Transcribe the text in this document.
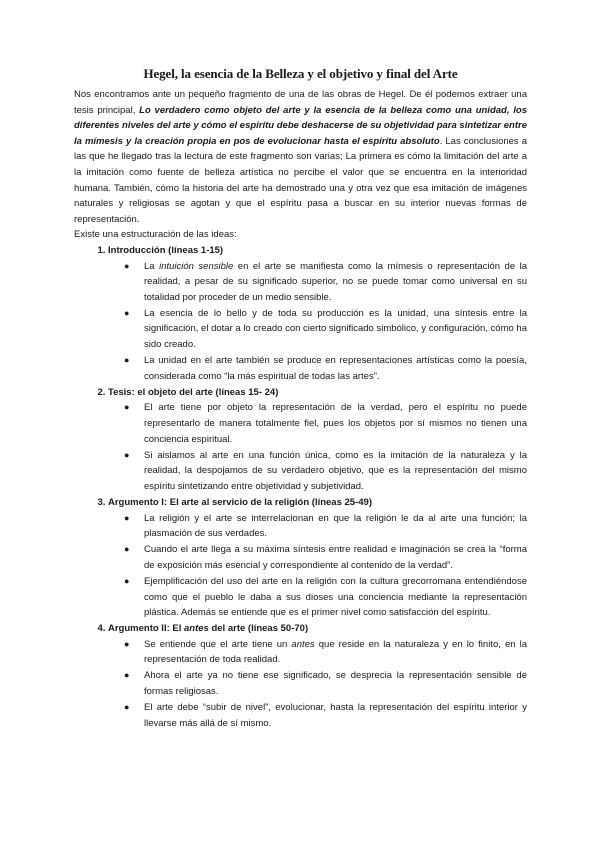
Hegel, la esencia de la Belleza y el objetivo y final del Arte

Nos encontramos ante un pequeño fragmento de una de las obras de Hegel. De él podemos extraer una tesis principal, Lo verdadero como objeto del arte y la esencia de la belleza como una unidad, los diferentes niveles del arte y cómo el espíritu debe deshacerse de su objetividad para sintetizar entre la mímesis y la creación propia en pos de evolucionar hasta el espíritu absoluto. Las conclusiones a las que he llegado tras la lectura de este fragmento son varias; La primera es cómo la limitación del arte a la imitación como fuente de belleza artística no percibe el valor que se encuentra en la interioridad humana. También, cómo la historia del arte ha demostrado una y otra vez que esa imitación de imágenes naturales y religiosas se agotan y que el espíritu pasa a buscar en su interior nuevas formas de representación.

Existe una estructuración de las ideas:

1. Introducción (líneas 1-15)
● La intuición sensible en el arte se manifiesta como la mímesis o representación de la realidad, a pesar de su significado superior, no se puede tomar como universal en su totalidad por proceder de un medio sensible.
● La esencia de lo bello y de toda su producción es la unidad, una síntesis entre la significación, el dotar a lo creado con cierto significado simbólico, y configuración, cómo ha sido creado.
● La unidad en el arte también se produce en representaciones artísticas como la poesía, considerada como “la más espiritual de todas las artes”.
2. Tesis: el objeto del arte (líneas 15- 24)
● El arte tiene por objeto la representación de la verdad, pero el espíritu no puede representarlo de manera totalmente fiel, pues los objetos por sí mismos no tienen una conciencia espiritual.
● Si aislamos al arte en una función única, como es la imitación de la naturaleza y la realidad, la despojamos de su verdadero objetivo, que es la representación del mismo espíritu sintetizando entre objetividad y subjetividad.
3. Argumento I: El arte al servicio de la religión (líneas 25-49)
● La religión y el arte se interrelacionan en que la religión le da al arte una función; la plasmación de sus verdades.
● Cuando el arte llega a su máxima síntesis entre realidad e imaginación se crea la “forma de exposición más esencial y correspondiente al contenido de la verdad”.
● Ejemplificación del uso del arte en la religión con la cultura grecorromana entendiéndose como que el pueblo le daba a sus dioses una conciencia mediante la representación plástica. Además se entiende que es el primer nivel como satisfacción del espíritu.
4. Argumento II: El antes del arte (líneas 50-70)
● Se entiende que el arte tiene un antes que reside en la naturaleza y en lo finito, en la representación de toda realidad.
● Ahora el arte ya no tiene ese significado, se desprecia la representación sensible de formas religiosas.
● El arte debe “subir de nivel”, evolucionar, hasta la representación del espíritu interior y llevarse más allá de sí mismo.
